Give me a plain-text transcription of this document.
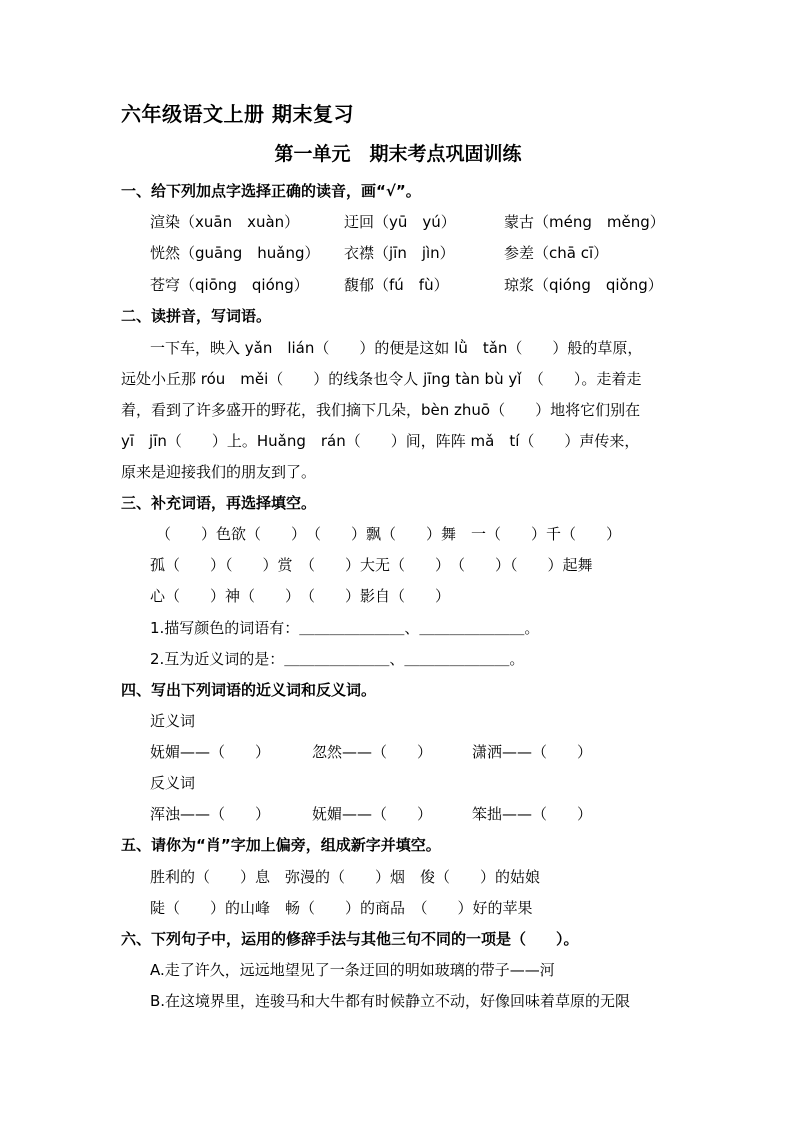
六年级语文上册 期末复习
第一单元　期末考点巩固训练
一、给下列加点字选择正确的读音，画“√”。
渲染（xuān　xuàn）	迂回（yū　yú）	蒙古（méng　měng）
恍然（guāng　huǎng） 衣襟（jīn　jìn）	参差（chā cī）
苍穹（qiōng　qióng） 馥郁（fú　fù）	琼浆（qióng　qiǒng）
二、读拼音，写词语。
一下车，映入 yǎn　lián（　　）的便是这如 lǜ　tǎn（　　）般的草原，
远处小丘那 róu　měi（　　）的线条也令人 jīng tàn bù yǐ　（　　）。走着走
着，看到了许多盛开的野花，我们摘下几朵，bèn zhuō（　　）地将它们别在
yī　jīn（　　）上。Huǎng　rán（　　）间，阵阵 mǎ　tí（　　）声传来，
原来是迎接我们的朋友到了。
三、补充词语，再选择填空。
（　　）色欲（　　）　（　　）飘（　　）舞　一（　　）千（　　）
孤（　　）（　　）赏　（　　）大无（　　）　（　　）（　　）起舞
心（　　）神（　　）　（　　）影自（　　）
1.描写颜色的词语有：＿＿＿＿＿＿＿、＿＿＿＿＿＿＿。
2.互为近义词的是：＿＿＿＿＿＿＿、＿＿＿＿＿＿＿。
四、写出下列词语的近义词和反义词。
近义词
妩媚——（　　）	忽然——（　　）	潇洒——（　　）
反义词
浑浊——（　　）	妩媚——（　　）	笨拙——（　　）
五、请你为“肖”字加上偏旁，组成新字并填空。
胜利的（　　）息　弥漫的（　　）烟　俊（　　）的姑娘
陡（　　）的山峰　畅（　　）的商品　（　　）好的苹果
六、下列句子中，运用的修辞手法与其他三句不同的一项是（　　）。
A.走了许久，远远地望见了一条迂回的明如玻璃的带子——河
B.在这境界里，连骏马和大牛都有时候静立不动，好像回味着草原的无限
